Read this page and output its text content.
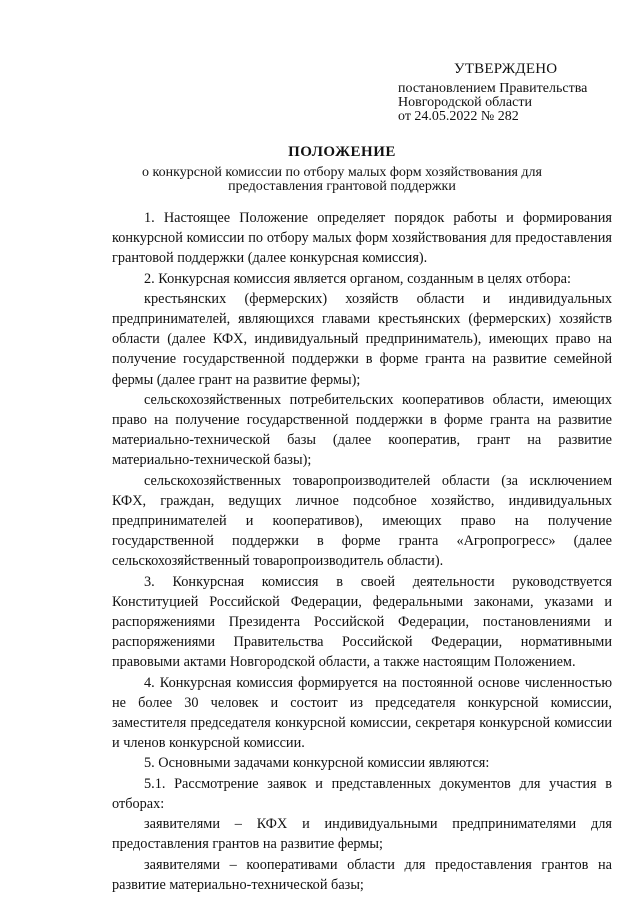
УТВЕРЖДЕНО
постановлением Правительства
Новгородской области
от 24.05.2022 № 282
ПОЛОЖЕНИЕ
о конкурсной комиссии по отбору малых форм хозяйствования для
предоставления грантовой поддержки

1. Настоящее Положение определяет порядок работы и формирования конкурсной комиссии по отбору малых форм хозяйствования для предоставления грантовой поддержки (далее конкурсная комиссия).

2. Конкурсная комиссия является органом, созданным в целях отбора:

крестьянских (фермерских) хозяйств области и индивидуальных предпринимателей, являющихся главами крестьянских (фермерских) хозяйств области (далее КФХ, индивидуальный предприниматель), имеющих право на получение государственной поддержки в форме гранта на развитие семейной фермы (далее грант на развитие фермы);

сельскохозяйственных потребительских кооперативов области, имеющих право на получение государственной поддержки в форме гранта на развитие материально-технической базы (далее кооператив, грант на развитие материально-технической базы);

сельскохозяйственных товаропроизводителей области (за исключением КФХ, граждан, ведущих личное подсобное хозяйство, индивидуальных предпринимателей и кооперативов), имеющих право на получение государственной поддержки в форме гранта «Агропрогресс» (далее сельскохозяйственный товаропроизводитель области).

3. Конкурсная комиссия в своей деятельности руководствуется Конституцией Российской Федерации, федеральными законами, указами и распоряжениями Президента Российской Федерации, постановлениями и распоряжениями Правительства Российской Федерации, нормативными правовыми актами Новгородской области, а также настоящим Положением.

4. Конкурсная комиссия формируется на постоянной основе численностью не более 30 человек и состоит из председателя конкурсной комиссии, заместителя председателя конкурсной комиссии, секретаря конкурсной комиссии и членов конкурсной комиссии.

5. Основными задачами конкурсной комиссии являются:

5.1. Рассмотрение заявок и представленных документов для участия в отборах:

заявителями – КФХ и индивидуальными предпринимателями для предоставления грантов на развитие фермы;

заявителями – кооперативами области для предоставления грантов на развитие материально-технической базы;
